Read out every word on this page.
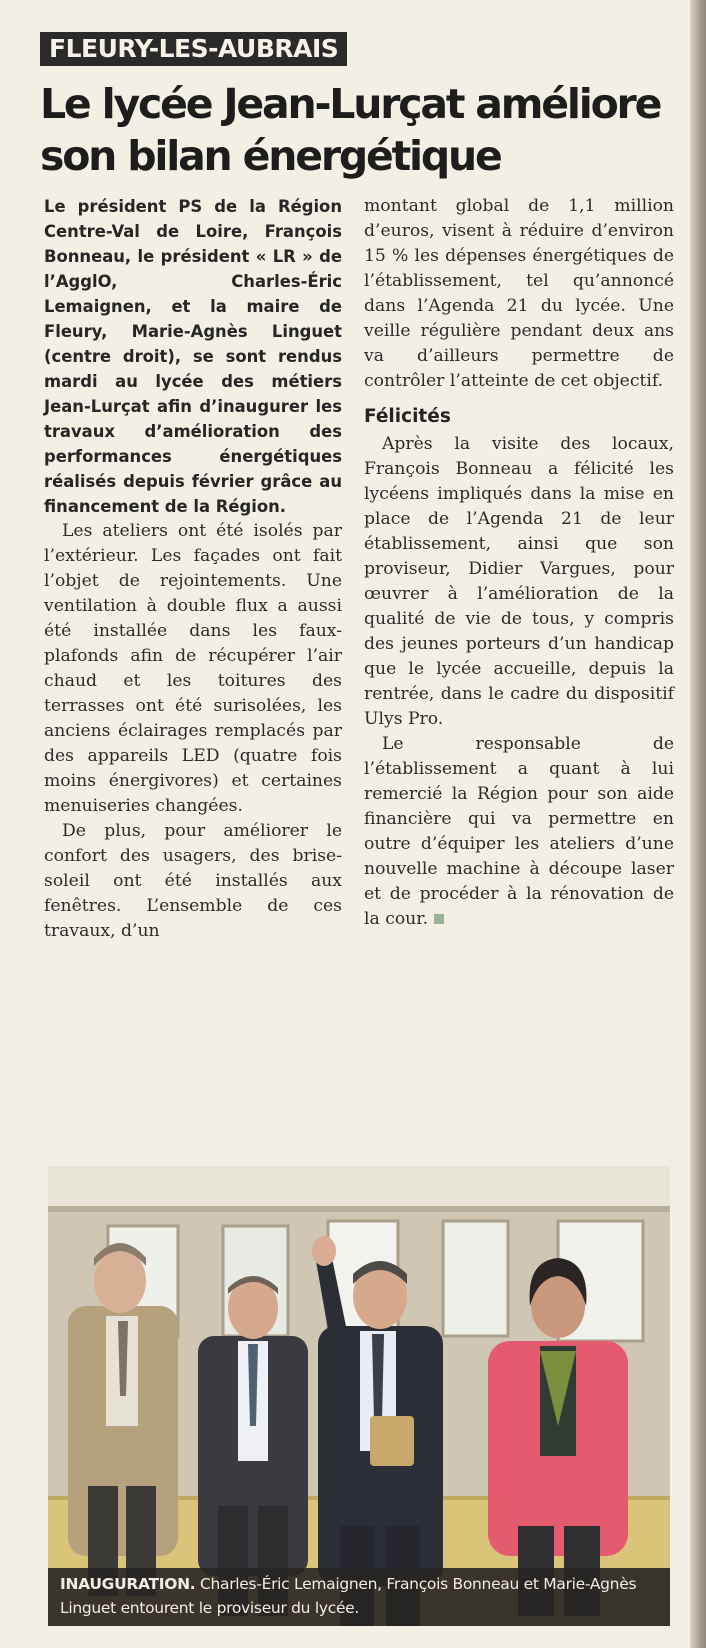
FLEURY-LES-AUBRAIS
Le lycée Jean-Lurçat améliore son bilan énergétique

Le président PS de la Région Centre-Val de Loire, François Bonneau, le président « LR » de l’AgglO, Charles-Éric Lemaignen, et la maire de Fleury, Marie-Agnès Linguet (centre droit), se sont rendus mardi au lycée des métiers Jean-Lurçat afin d’inaugurer les travaux d’amélioration des performances énergétiques réalisés depuis février grâce au financement de la Région.

Les ateliers ont été isolés par l’extérieur. Les façades ont fait l’objet de rejointements. Une ventilation à double flux a aussi été installée dans les faux-plafonds afin de récupérer l’air chaud et les toitures des terrasses ont été surisolées, les anciens éclairages remplacés par des appareils LED (quatre fois moins énergivores) et certaines menuiseries changées.

De plus, pour améliorer le confort des usagers, des brise-soleil ont été installés aux fenêtres. L’ensemble de ces travaux, d’un

montant global de 1,1 million d’euros, visent à réduire d’environ 15 % les dépenses énergétiques de l’établissement, tel qu’annoncé dans l’Agenda 21 du lycée. Une veille régulière pendant deux ans va d’ailleurs permettre de contrôler l’atteinte de cet objectif.

Félicités

Après la visite des locaux, François Bonneau a félicité les lycéens impliqués dans la mise en place de l’Agenda 21 de leur établissement, ainsi que son proviseur, Didier Vargues, pour œuvrer à l’amélioration de la qualité de vie de tous, y compris des jeunes porteurs d’un handicap que le lycée accueille, depuis la rentrée, dans le cadre du dispositif Ulys Pro.

Le responsable de l’établissement a quant à lui remercié la Région pour son aide financière qui va permettre en outre d’équiper les ateliers d’une nouvelle machine à découpe laser et de procéder à la rénovation de la cour.

INAUGURATION. Charles-Éric Lemaignen, François Bonneau et Marie-Agnès Linguet entourent le proviseur du lycée.
